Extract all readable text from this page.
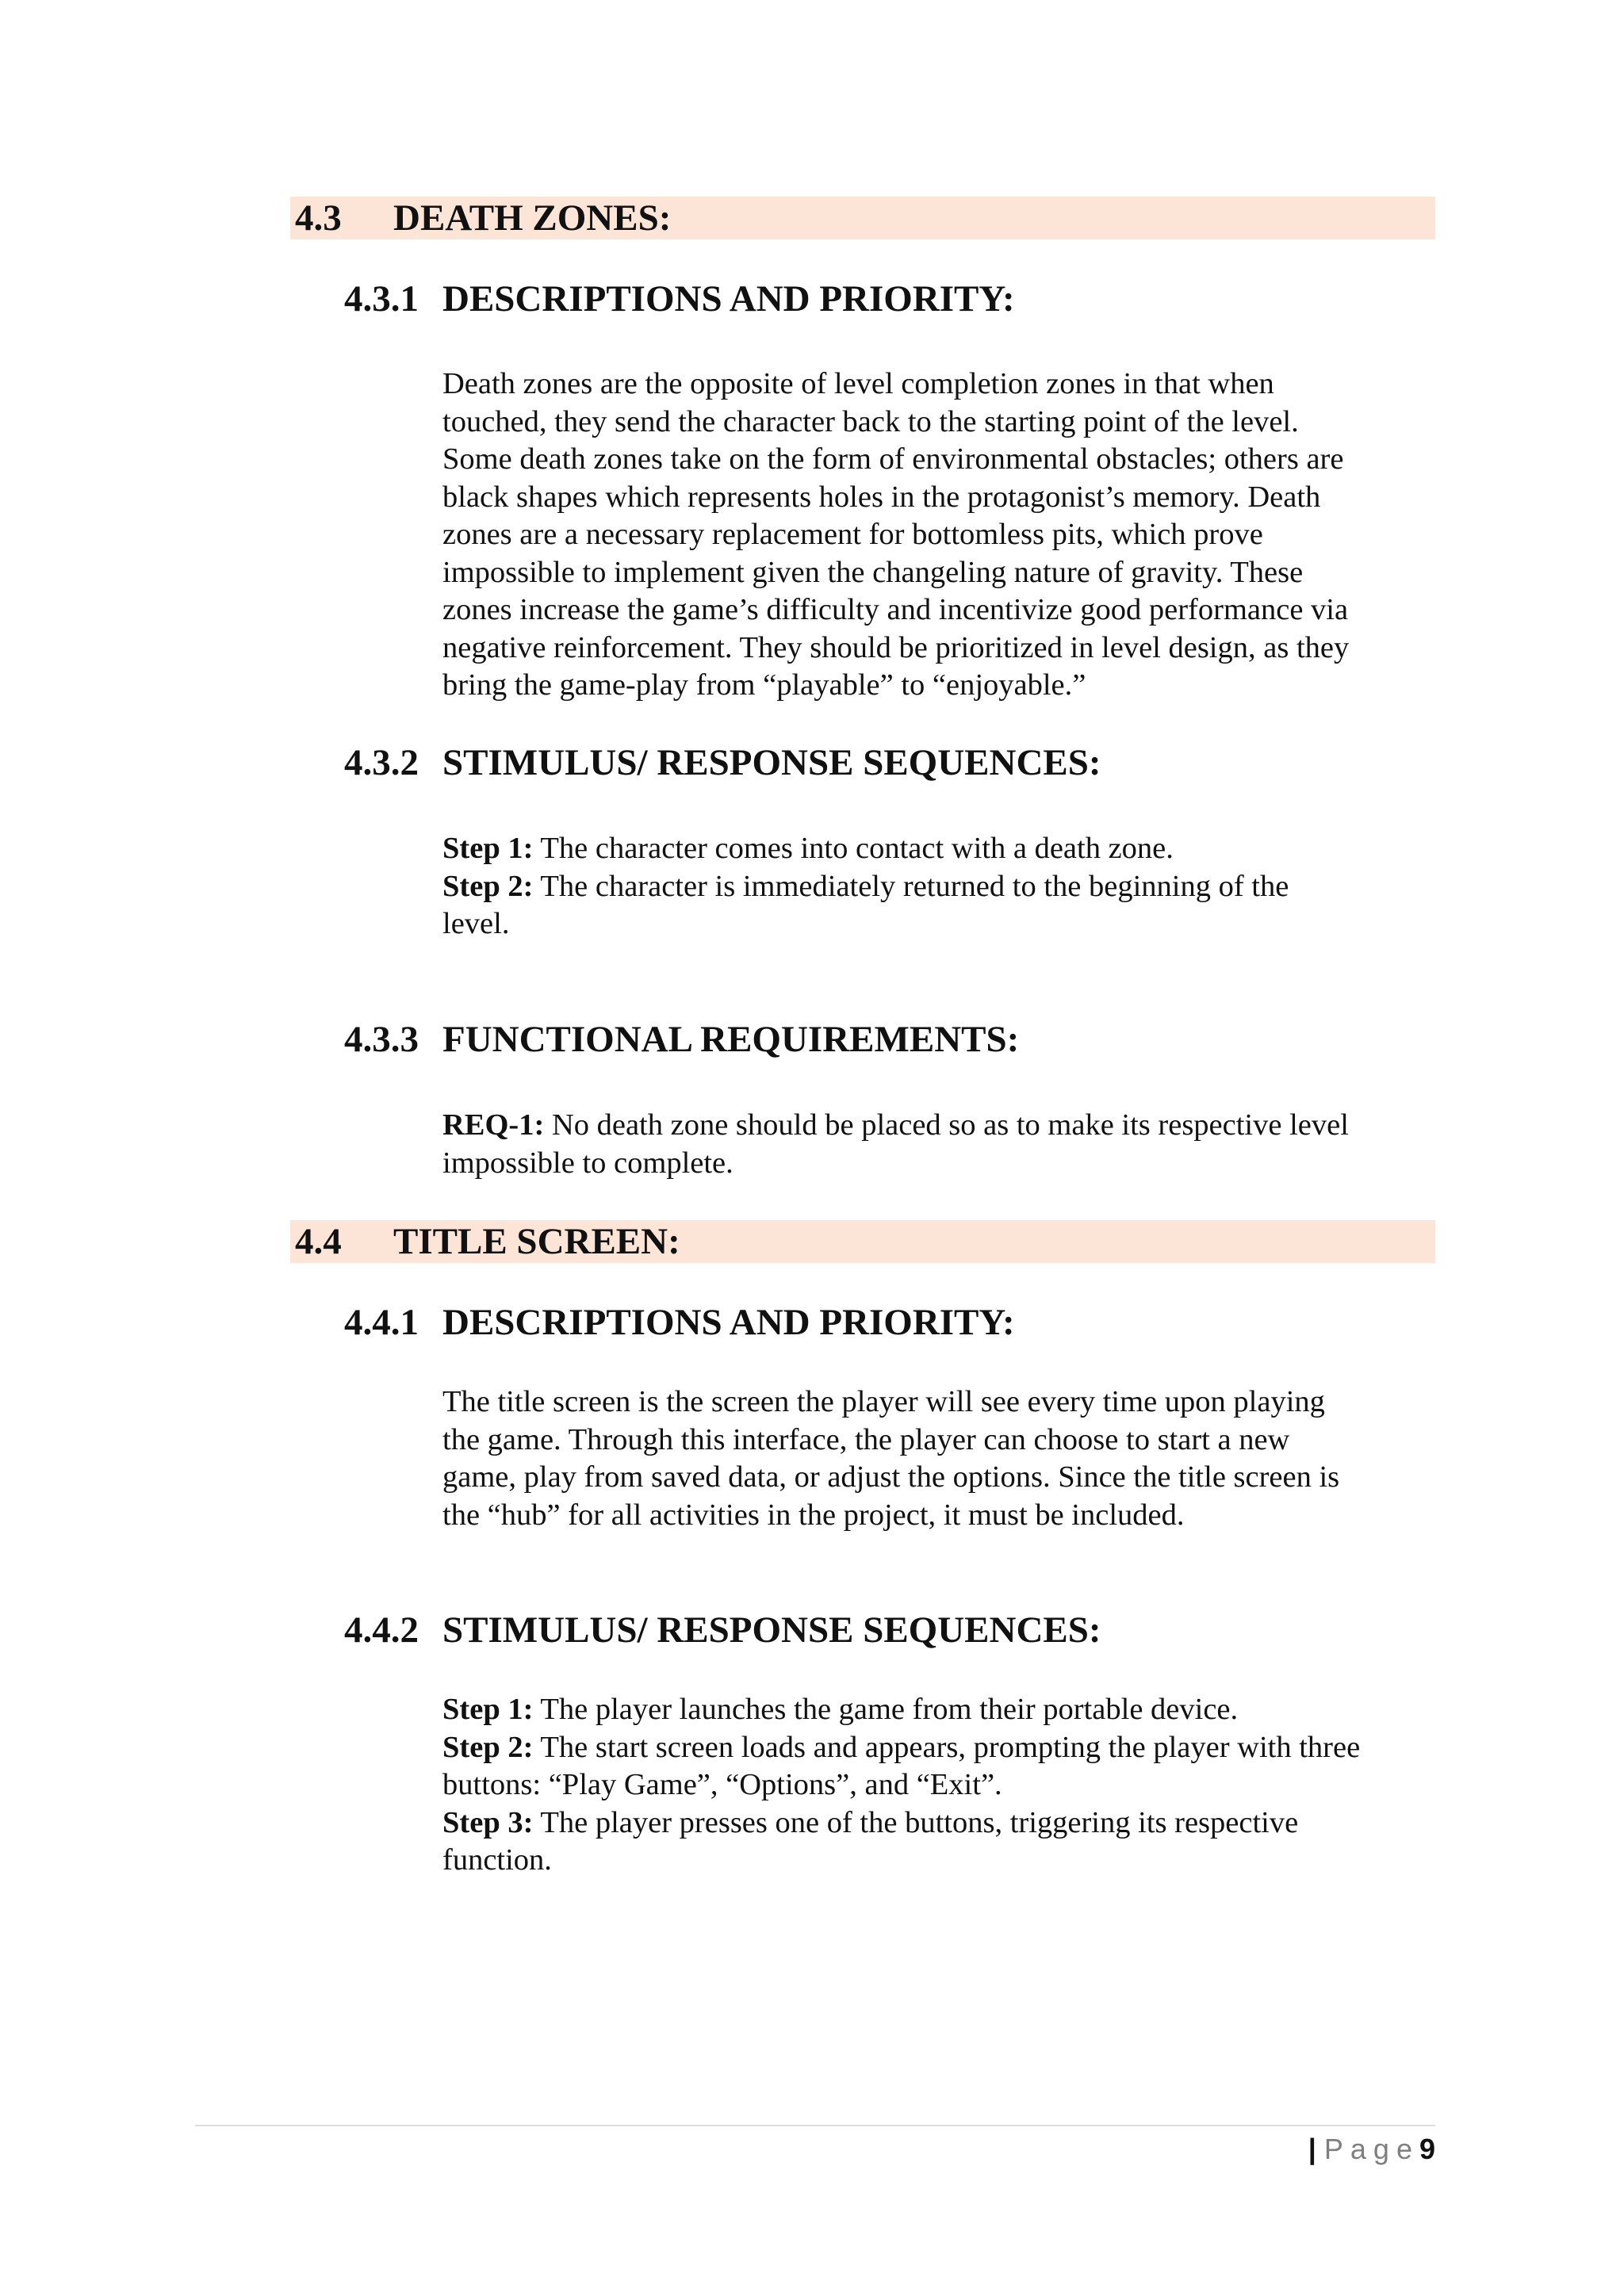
4.3 DEATH ZONES:
4.3.1 DESCRIPTIONS AND PRIORITY:

Death zones are the opposite of level completion zones in that when
touched, they send the character back to the starting point of the level.
Some death zones take on the form of environmental obstacles; others are
black shapes which represents holes in the protagonist’s memory. Death
zones are a necessary replacement for bottomless pits, which prove
impossible to implement given the changeling nature of gravity. These
zones increase the game’s difficulty and incentivize good performance via
negative reinforcement. They should be prioritized in level design, as they
bring the game-play from “playable” to “enjoyable.”

4.3.2 STIMULUS/ RESPONSE SEQUENCES:

Step 1: The character comes into contact with a death zone.
Step 2: The character is immediately returned to the beginning of the
level.

4.3.3 FUNCTIONAL REQUIREMENTS:

REQ-1: No death zone should be placed so as to make its respective level
impossible to complete.

4.4 TITLE SCREEN:
4.4.1 DESCRIPTIONS AND PRIORITY:

The title screen is the screen the player will see every time upon playing
the game. Through this interface, the player can choose to start a new
game, play from saved data, or adjust the options. Since the title screen is
the “hub” for all activities in the project, it must be included.

4.4.2 STIMULUS/ RESPONSE SEQUENCES:

Step 1: The player launches the game from their portable device.
Step 2: The start screen loads and appears, prompting the player with three
buttons: “Play Game”, “Options”, and “Exit”.
Step 3: The player presses one of the buttons, triggering its respective
function.

| Page9
